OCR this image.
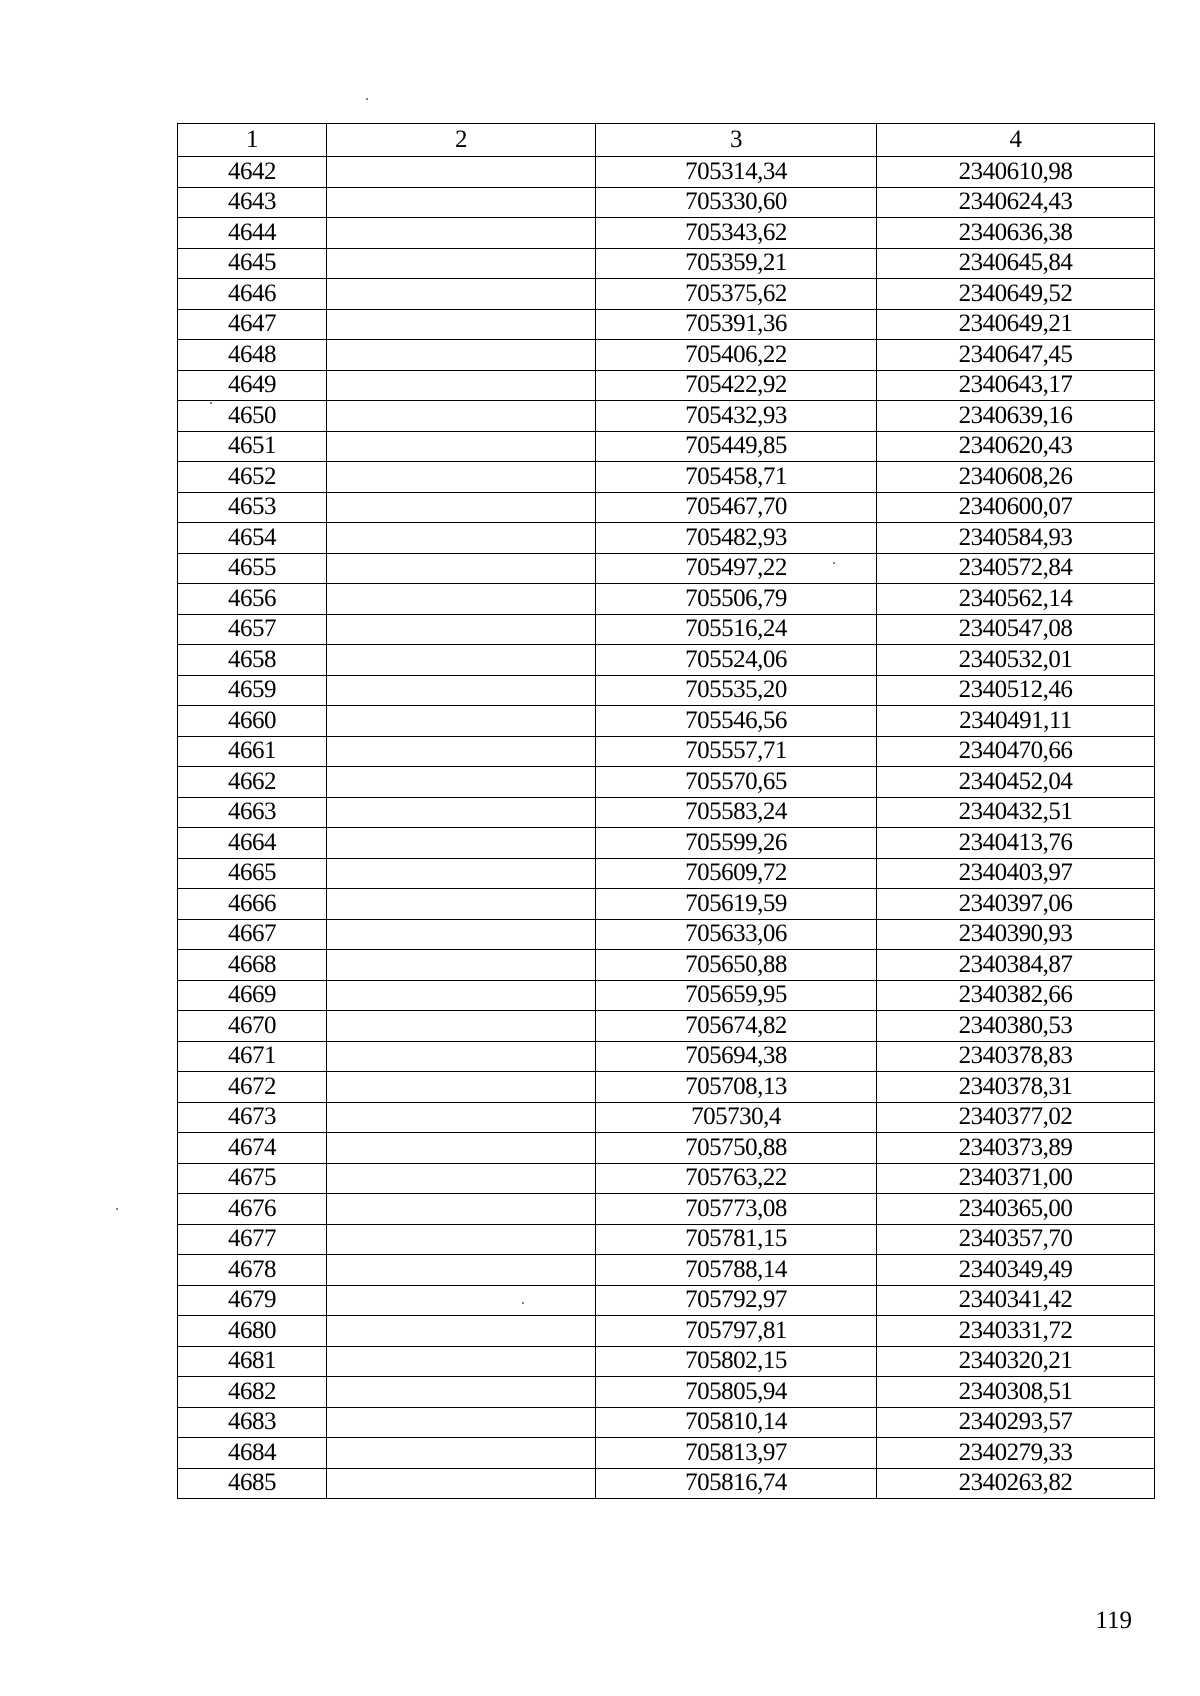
1	2	3	4
4642		705314,34	2340610,98
4643		705330,60	2340624,43
4644		705343,62	2340636,38
4645		705359,21	2340645,84
4646		705375,62	2340649,52
4647		705391,36	2340649,21
4648		705406,22	2340647,45
4649		705422,92	2340643,17
4650		705432,93	2340639,16
4651		705449,85	2340620,43
4652		705458,71	2340608,26
4653		705467,70	2340600,07
4654		705482,93	2340584,93
4655		705497,22	2340572,84
4656		705506,79	2340562,14
4657		705516,24	2340547,08
4658		705524,06	2340532,01
4659		705535,20	2340512,46
4660		705546,56	2340491,11
4661		705557,71	2340470,66
4662		705570,65	2340452,04
4663		705583,24	2340432,51
4664		705599,26	2340413,76
4665		705609,72	2340403,97
4666		705619,59	2340397,06
4667		705633,06	2340390,93
4668		705650,88	2340384,87
4669		705659,95	2340382,66
4670		705674,82	2340380,53
4671		705694,38	2340378,83
4672		705708,13	2340378,31
4673		705730,4	2340377,02
4674		705750,88	2340373,89
4675		705763,22	2340371,00
4676		705773,08	2340365,00
4677		705781,15	2340357,70
4678		705788,14	2340349,49
4679		705792,97	2340341,42
4680		705797,81	2340331,72
4681		705802,15	2340320,21
4682		705805,94	2340308,51
4683		705810,14	2340293,57
4684		705813,97	2340279,33
4685		705816,74	2340263,82
119
